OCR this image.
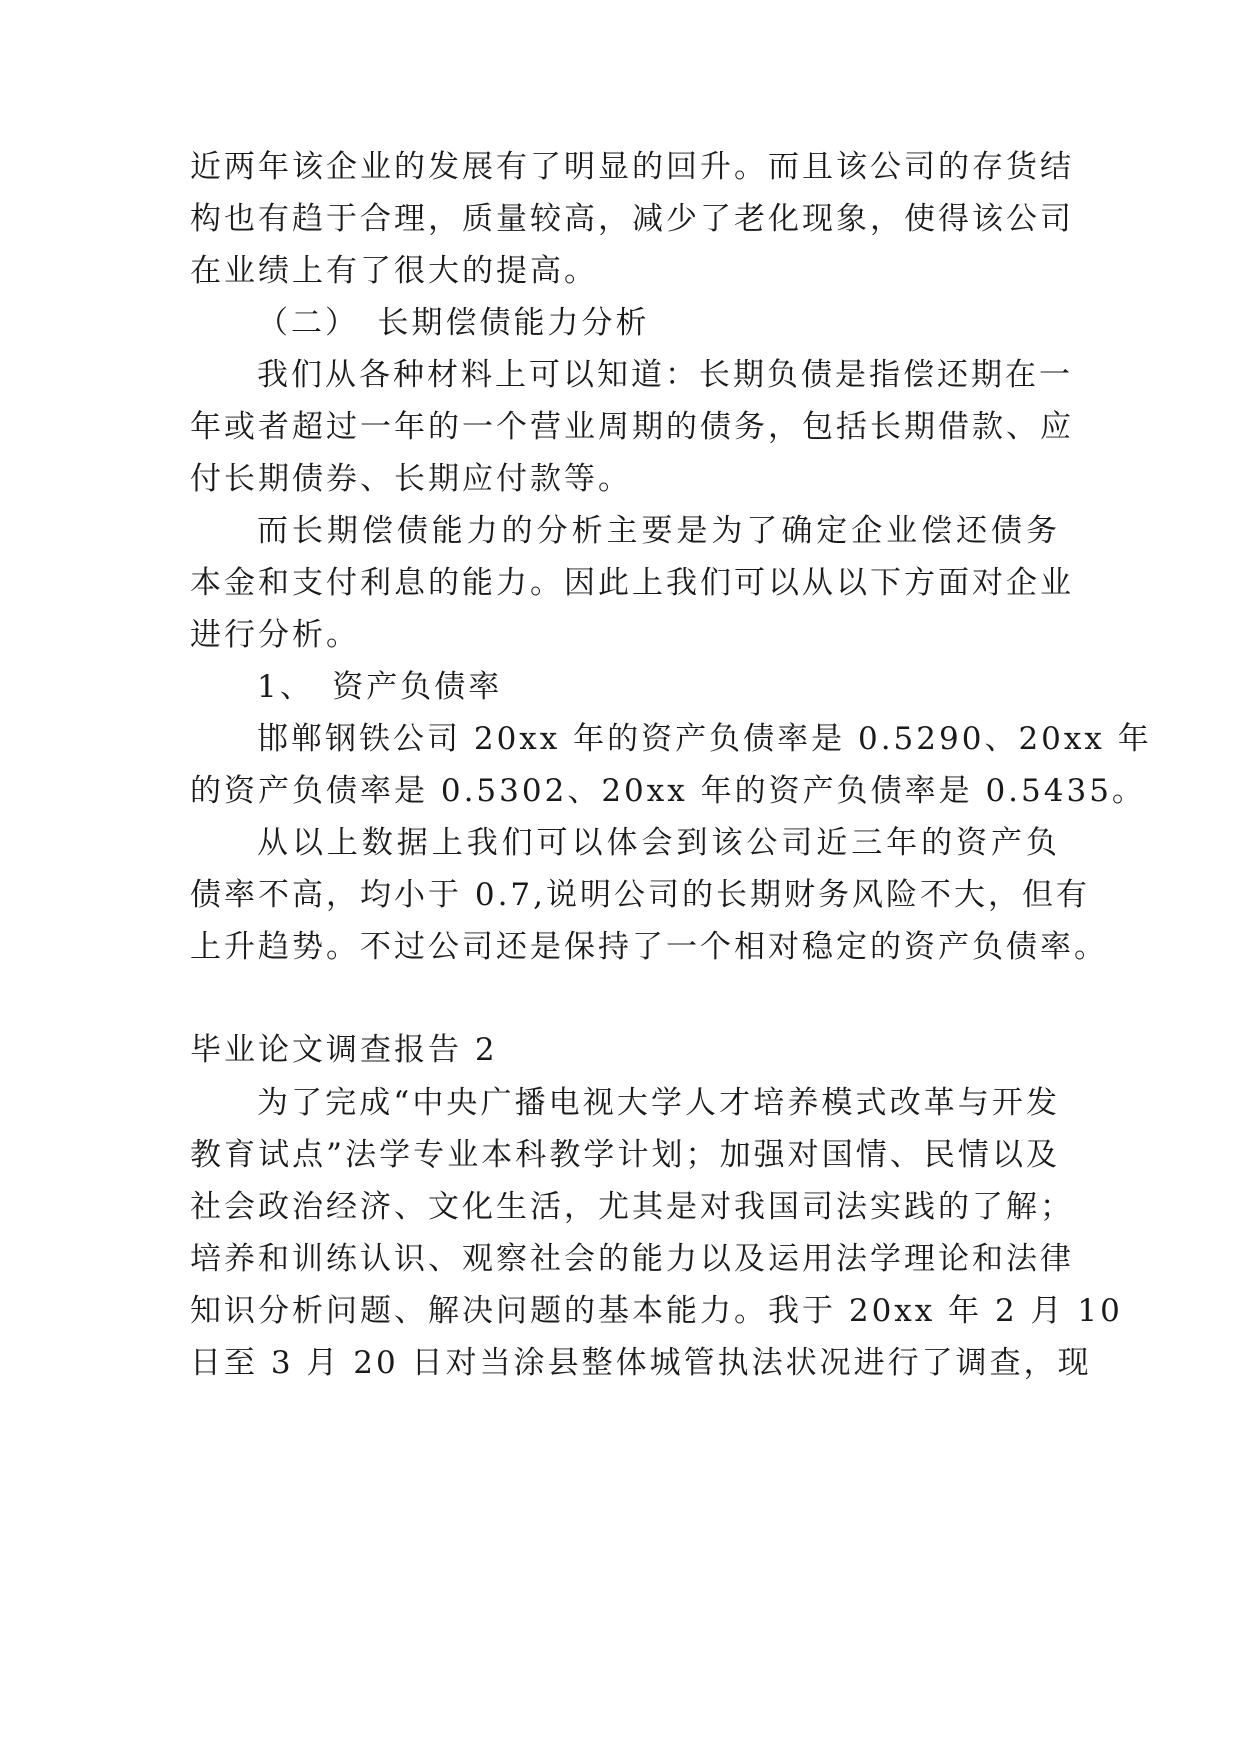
近两年该企业的发展有了明显的回升。而且该公司的存货结
构也有趋于合理，质量较高，减少了老化现象，使得该公司
在业绩上有了很大的提高。
（二）　长期偿债能力分析
我们从各种材料上可以知道：长期负债是指偿还期在一
年或者超过一年的一个营业周期的债务，包括长期借款、应
付长期债券、长期应付款等。
而长期偿债能力的分析主要是为了确定企业偿还债务
本金和支付利息的能力。因此上我们可以从以下方面对企业
进行分析。
1、　资产负债率
邯郸钢铁公司 20xx 年的资产负债率是 0.5290、20xx 年
的资产负债率是 0.5302、20xx 年的资产负债率是 0.5435。
从以上数据上我们可以体会到该公司近三年的资产负
债率不高，均小于 0.7,说明公司的长期财务风险不大，但有
上升趋势。不过公司还是保持了一个相对稳定的资产负债率。
毕业论文调查报告 2
为了完成“中央广播电视大学人才培养模式改革与开发
教育试点”法学专业本科教学计划；加强对国情、民情以及
社会政治经济、文化生活，尤其是对我国司法实践的了解；
培养和训练认识、观察社会的能力以及运用法学理论和法律
知识分析问题、解决问题的基本能力。我于 20xx 年 2 月 10
日至 3 月 20 日对当涂县整体城管执法状况进行了调查，现
